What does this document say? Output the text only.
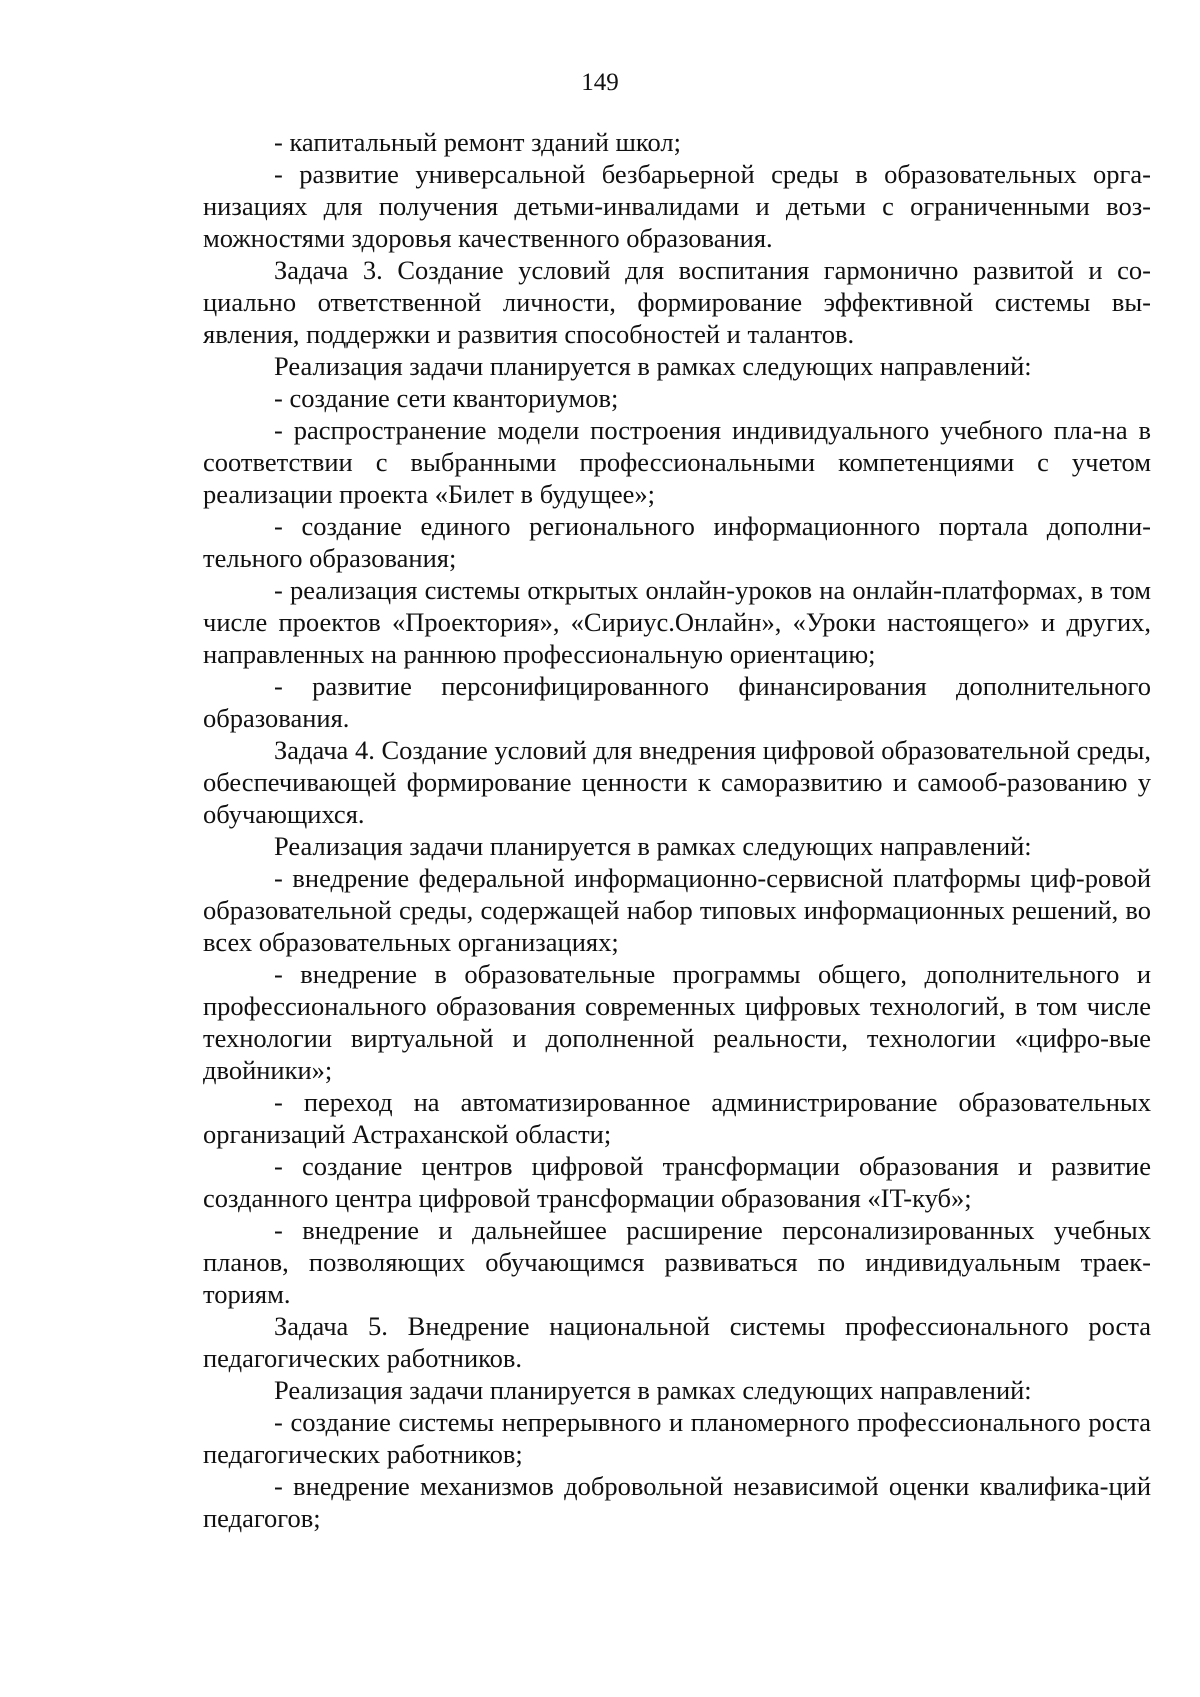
149

- капитальный ремонт зданий школ;

- развитие универсальной безбарьерной среды в образовательных орга-низациях для получения детьми-инвалидами и детьми с ограниченными воз-можностями здоровья качественного образования.

Задача 3. Создание условий для воспитания гармонично развитой и со-циально ответственной личности, формирование эффективной системы вы-явления, поддержки и развития способностей и талантов.

Реализация задачи планируется в рамках следующих направлений:

- создание сети кванториумов;

- распространение модели построения индивидуального учебного пла-на в соответствии с выбранными профессиональными компетенциями с учетом реализации проекта «Билет в будущее»;

- создание единого регионального информационного портала дополни-тельного образования;

- реализация системы открытых онлайн-уроков на онлайн-платформах, в том числе проектов «Проектория», «Сириус.Онлайн», «Уроки настоящего» и других, направленных на раннюю профессиональную ориентацию;

- развитие персонифицированного финансирования дополнительного образования.

Задача 4. Создание условий для внедрения цифровой образовательной среды, обеспечивающей формирование ценности к саморазвитию и самооб-разованию у обучающихся.

Реализация задачи планируется в рамках следующих направлений:

- внедрение федеральной информационно-сервисной платформы циф-ровой образовательной среды, содержащей набор типовых информационных решений, во всех образовательных организациях;

- внедрение в образовательные программы общего, дополнительного и профессионального образования современных цифровых технологий, в том числе технологии виртуальной и дополненной реальности, технологии «цифро-вые двойники»;

- переход на автоматизированное администрирование образовательных организаций Астраханской области;

- создание центров цифровой трансформации образования и развитие созданного центра цифровой трансформации образования «IT-куб»;

- внедрение и дальнейшее расширение персонализированных учебных планов, позволяющих обучающимся развиваться по индивидуальным траек-ториям.

Задача 5. Внедрение национальной системы профессионального роста педагогических работников.

Реализация задачи планируется в рамках следующих направлений:

- создание системы непрерывного и планомерного профессионального роста педагогических работников;

- внедрение механизмов добровольной независимой оценки квалифика-ций педагогов;
